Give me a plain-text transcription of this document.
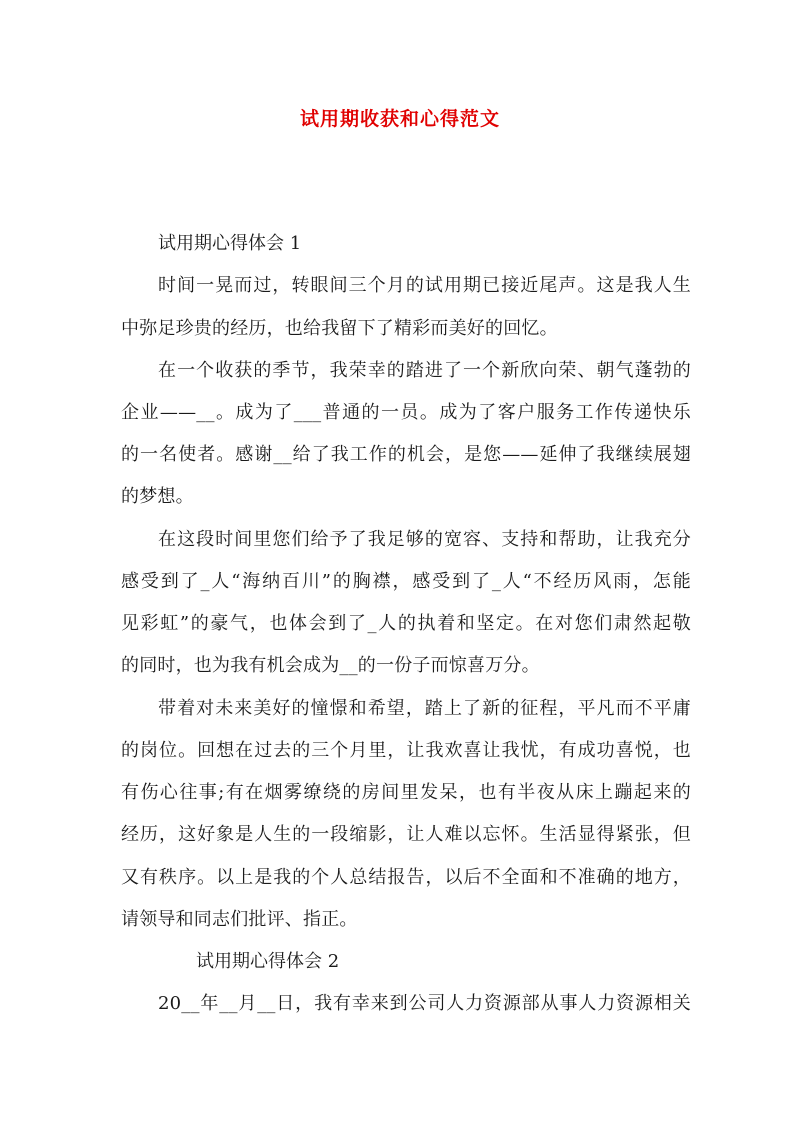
试用期收获和心得范文
试用期心得体会 1
时间一晃而过，转眼间三个月的试用期已接近尾声。这是我人生
中弥足珍贵的经历，也给我留下了精彩而美好的回忆。
在一个收获的季节，我荣幸的踏进了一个新欣向荣、朝气蓬勃的
企业——__。成为了___普通的一员。成为了客户服务工作传递快乐
的一名使者。感谢__给了我工作的机会，是您——延伸了我继续展翅
的梦想。
在这段时间里您们给予了我足够的宽容、支持和帮助，让我充分
感受到了_人“海纳百川”的胸襟，感受到了_人“不经历风雨，怎能
见彩虹”的豪气，也体会到了_人的执着和坚定。在对您们肃然起敬
的同时，也为我有机会成为__的一份子而惊喜万分。
带着对未来美好的憧憬和希望，踏上了新的征程，平凡而不平庸
的岗位。回想在过去的三个月里，让我欢喜让我忧，有成功喜悦，也
有伤心往事;有在烟雾缭绕的房间里发呆，也有半夜从床上蹦起来的
经历，这好象是人生的一段缩影，让人难以忘怀。生活显得紧张，但
又有秩序。以上是我的个人总结报告，以后不全面和不准确的地方，
请领导和同志们批评、指正。
试用期心得体会 2
20__年__月__日，我有幸来到公司人力资源部从事人力资源相关
